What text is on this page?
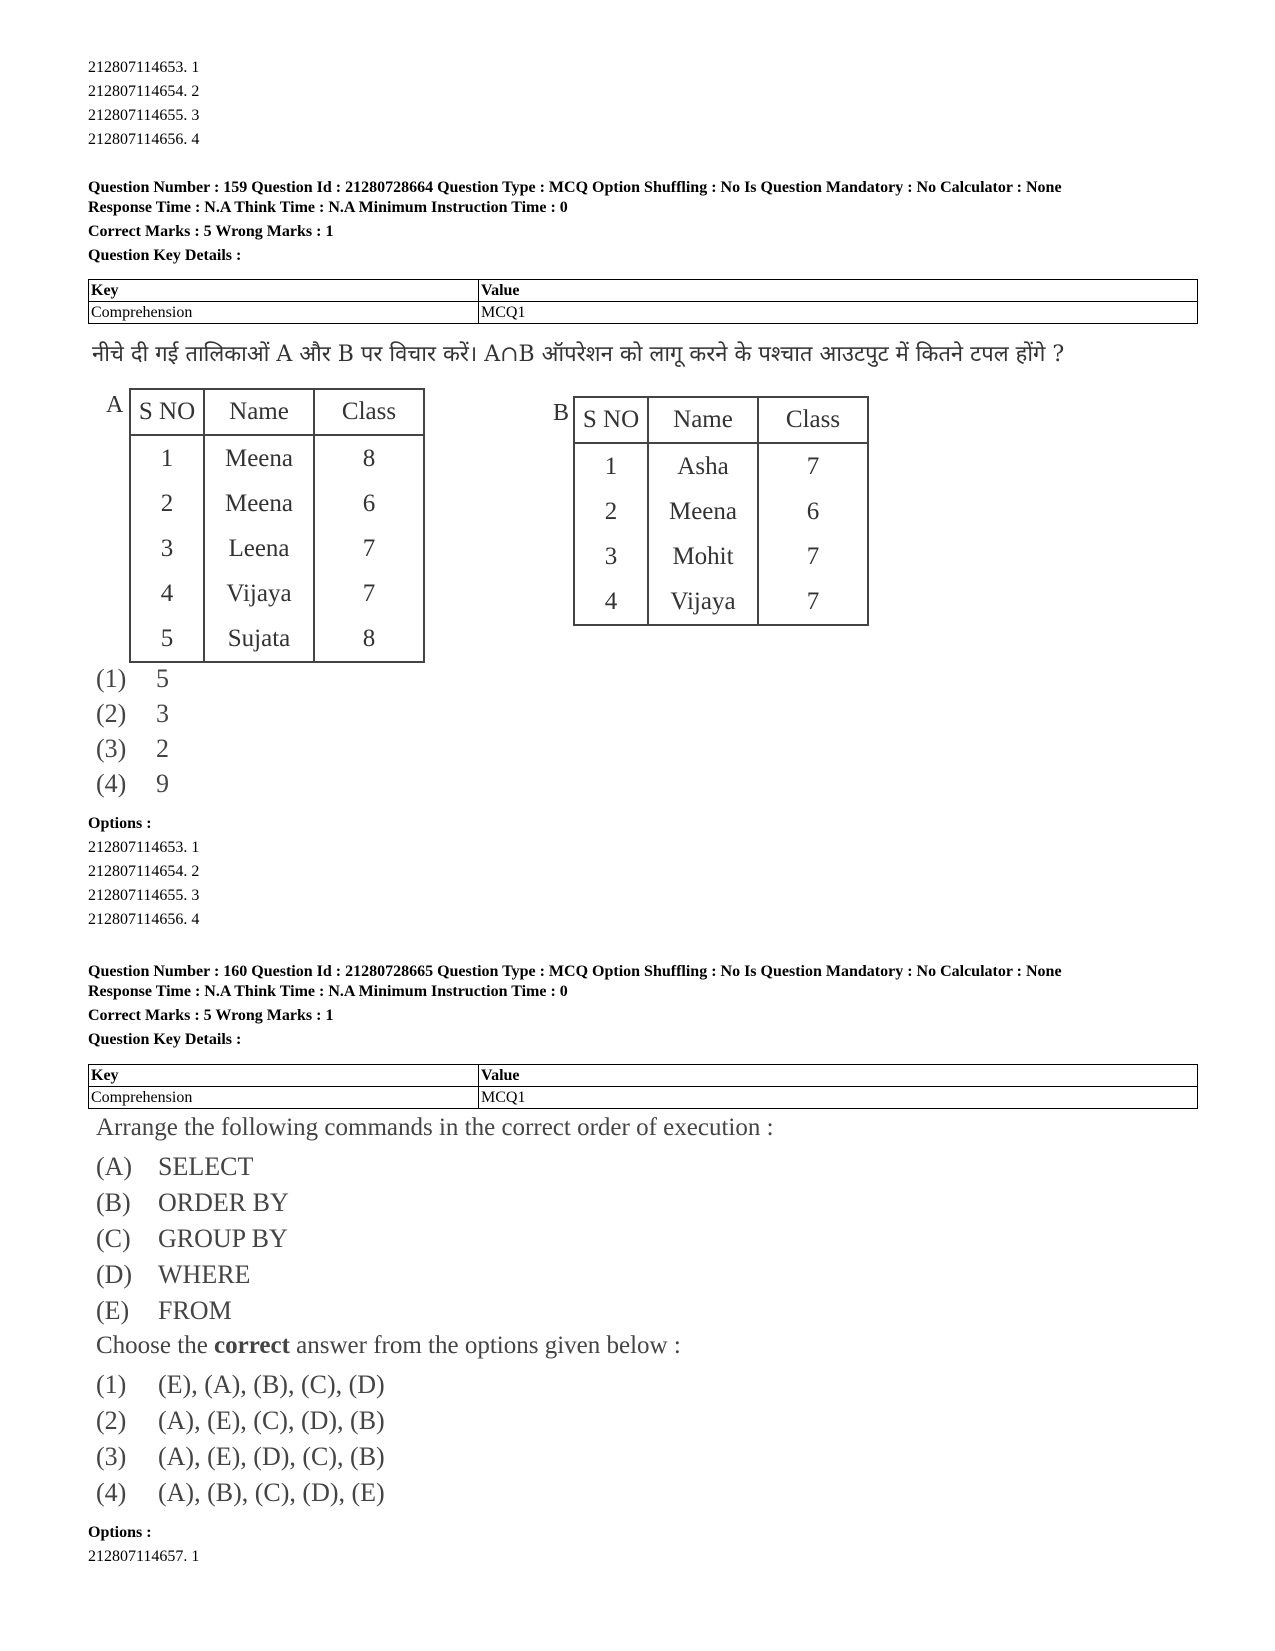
212807114653. 1
212807114654. 2
212807114655. 3
212807114656. 4
Question Number : 159 Question Id : 21280728664 Question Type : MCQ Option Shuffling : No Is Question Mandatory : No Calculator : None
Response Time : N.A Think Time : N.A Minimum Instruction Time : 0
Correct Marks : 5 Wrong Marks : 1
Question Key Details :
Key	Value
Comprehension	MCQ1
नीचे दी गई तालिकाओं A और B पर विचार करें। A∩B ऑपरेशन को लागू करने के पश्चात आउटपुट में कितने टपल होंगे ?
A S NO	Name	Class
1	Meena	8
2	Meena	6
3	Leena	7
4	Vijaya	7
5	Sujata	8
B S NO	Name	Class
1	Asha	7
2	Meena	6
3	Mohit	7
4	Vijaya	7
(1) 5
(2) 3
(3) 2
(4) 9
Options :
212807114653. 1
212807114654. 2
212807114655. 3
212807114656. 4
Question Number : 160 Question Id : 21280728665 Question Type : MCQ Option Shuffling : No Is Question Mandatory : No Calculator : None
Response Time : N.A Think Time : N.A Minimum Instruction Time : 0
Correct Marks : 5 Wrong Marks : 1
Question Key Details :
Key	Value
Comprehension	MCQ1
Arrange the following commands in the correct order of execution :
(A) SELECT
(B) ORDER BY
(C) GROUP BY
(D) WHERE
(E) FROM
Choose the correct answer from the options given below :
(1) (E), (A), (B), (C), (D)
(2) (A), (E), (C), (D), (B)
(3) (A), (E), (D), (C), (B)
(4) (A), (B), (C), (D), (E)
Options :
212807114657. 1
